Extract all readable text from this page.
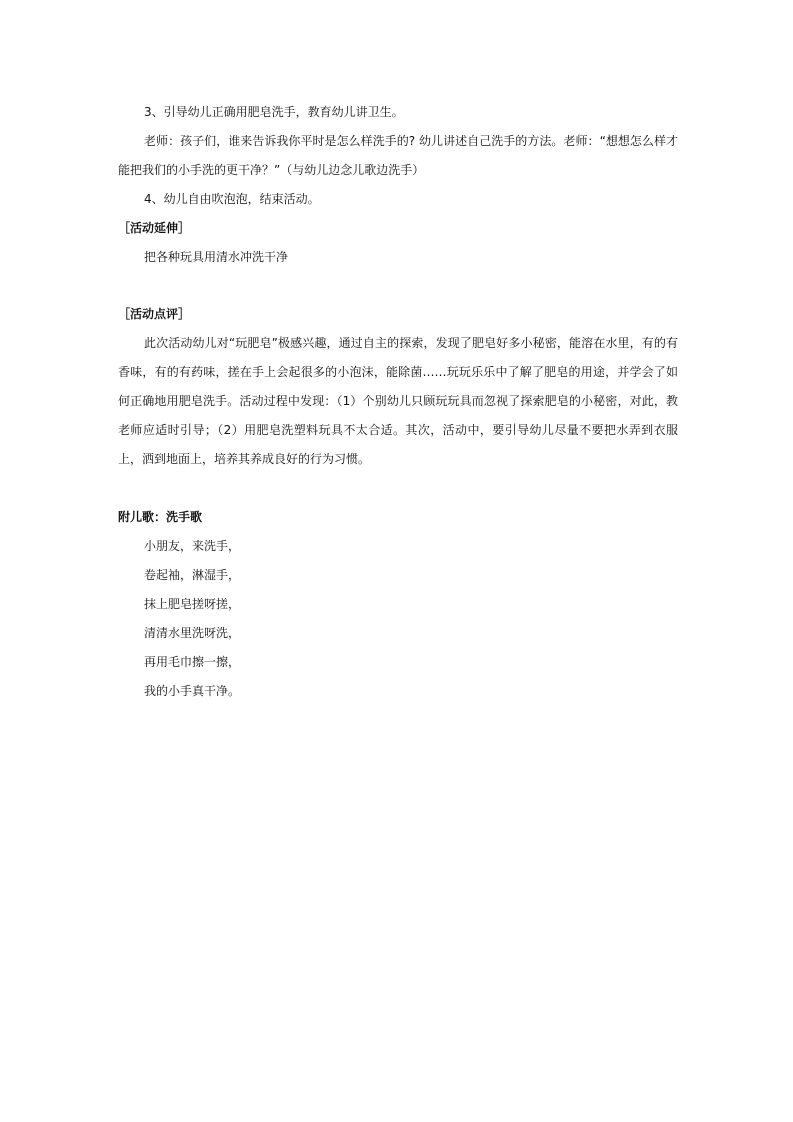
3、引导幼儿正确用肥皂洗手，教育幼儿讲卫生。

老师：孩子们，谁来告诉我你平时是怎么样洗手的? 幼儿讲述自己洗手的方法。老师：“想想怎么样才能把我们的小手洗的更干净？”（与幼儿边念儿歌边洗手）

4、幼儿自由吹泡泡，结束活动。

［活动延伸］

把各种玩具用清水冲洗干净

［活动点评］

此次活动幼儿对“玩肥皂”极感兴趣，通过自主的探索，发现了肥皂好多小秘密，能溶在水里，有的有香味，有的有药味，搓在手上会起很多的小泡沫，能除菌……玩玩乐乐中了解了肥皂的用途，并学会了如何正确地用肥皂洗手。活动过程中发现：（1）个别幼儿只顾玩玩具而忽视了探索肥皂的小秘密，对此，教老师应适时引导；（2）用肥皂洗塑料玩具不太合适。其次，活动中，要引导幼儿尽量不要把水弄到衣服上，洒到地面上，培养其养成良好的行为习惯。

附儿歌：洗手歌

小朋友，来洗手，

卷起袖，淋湿手，

抹上肥皂搓呀搓，

清清水里洗呀洗，

再用毛巾擦一擦，

我的小手真干净。
